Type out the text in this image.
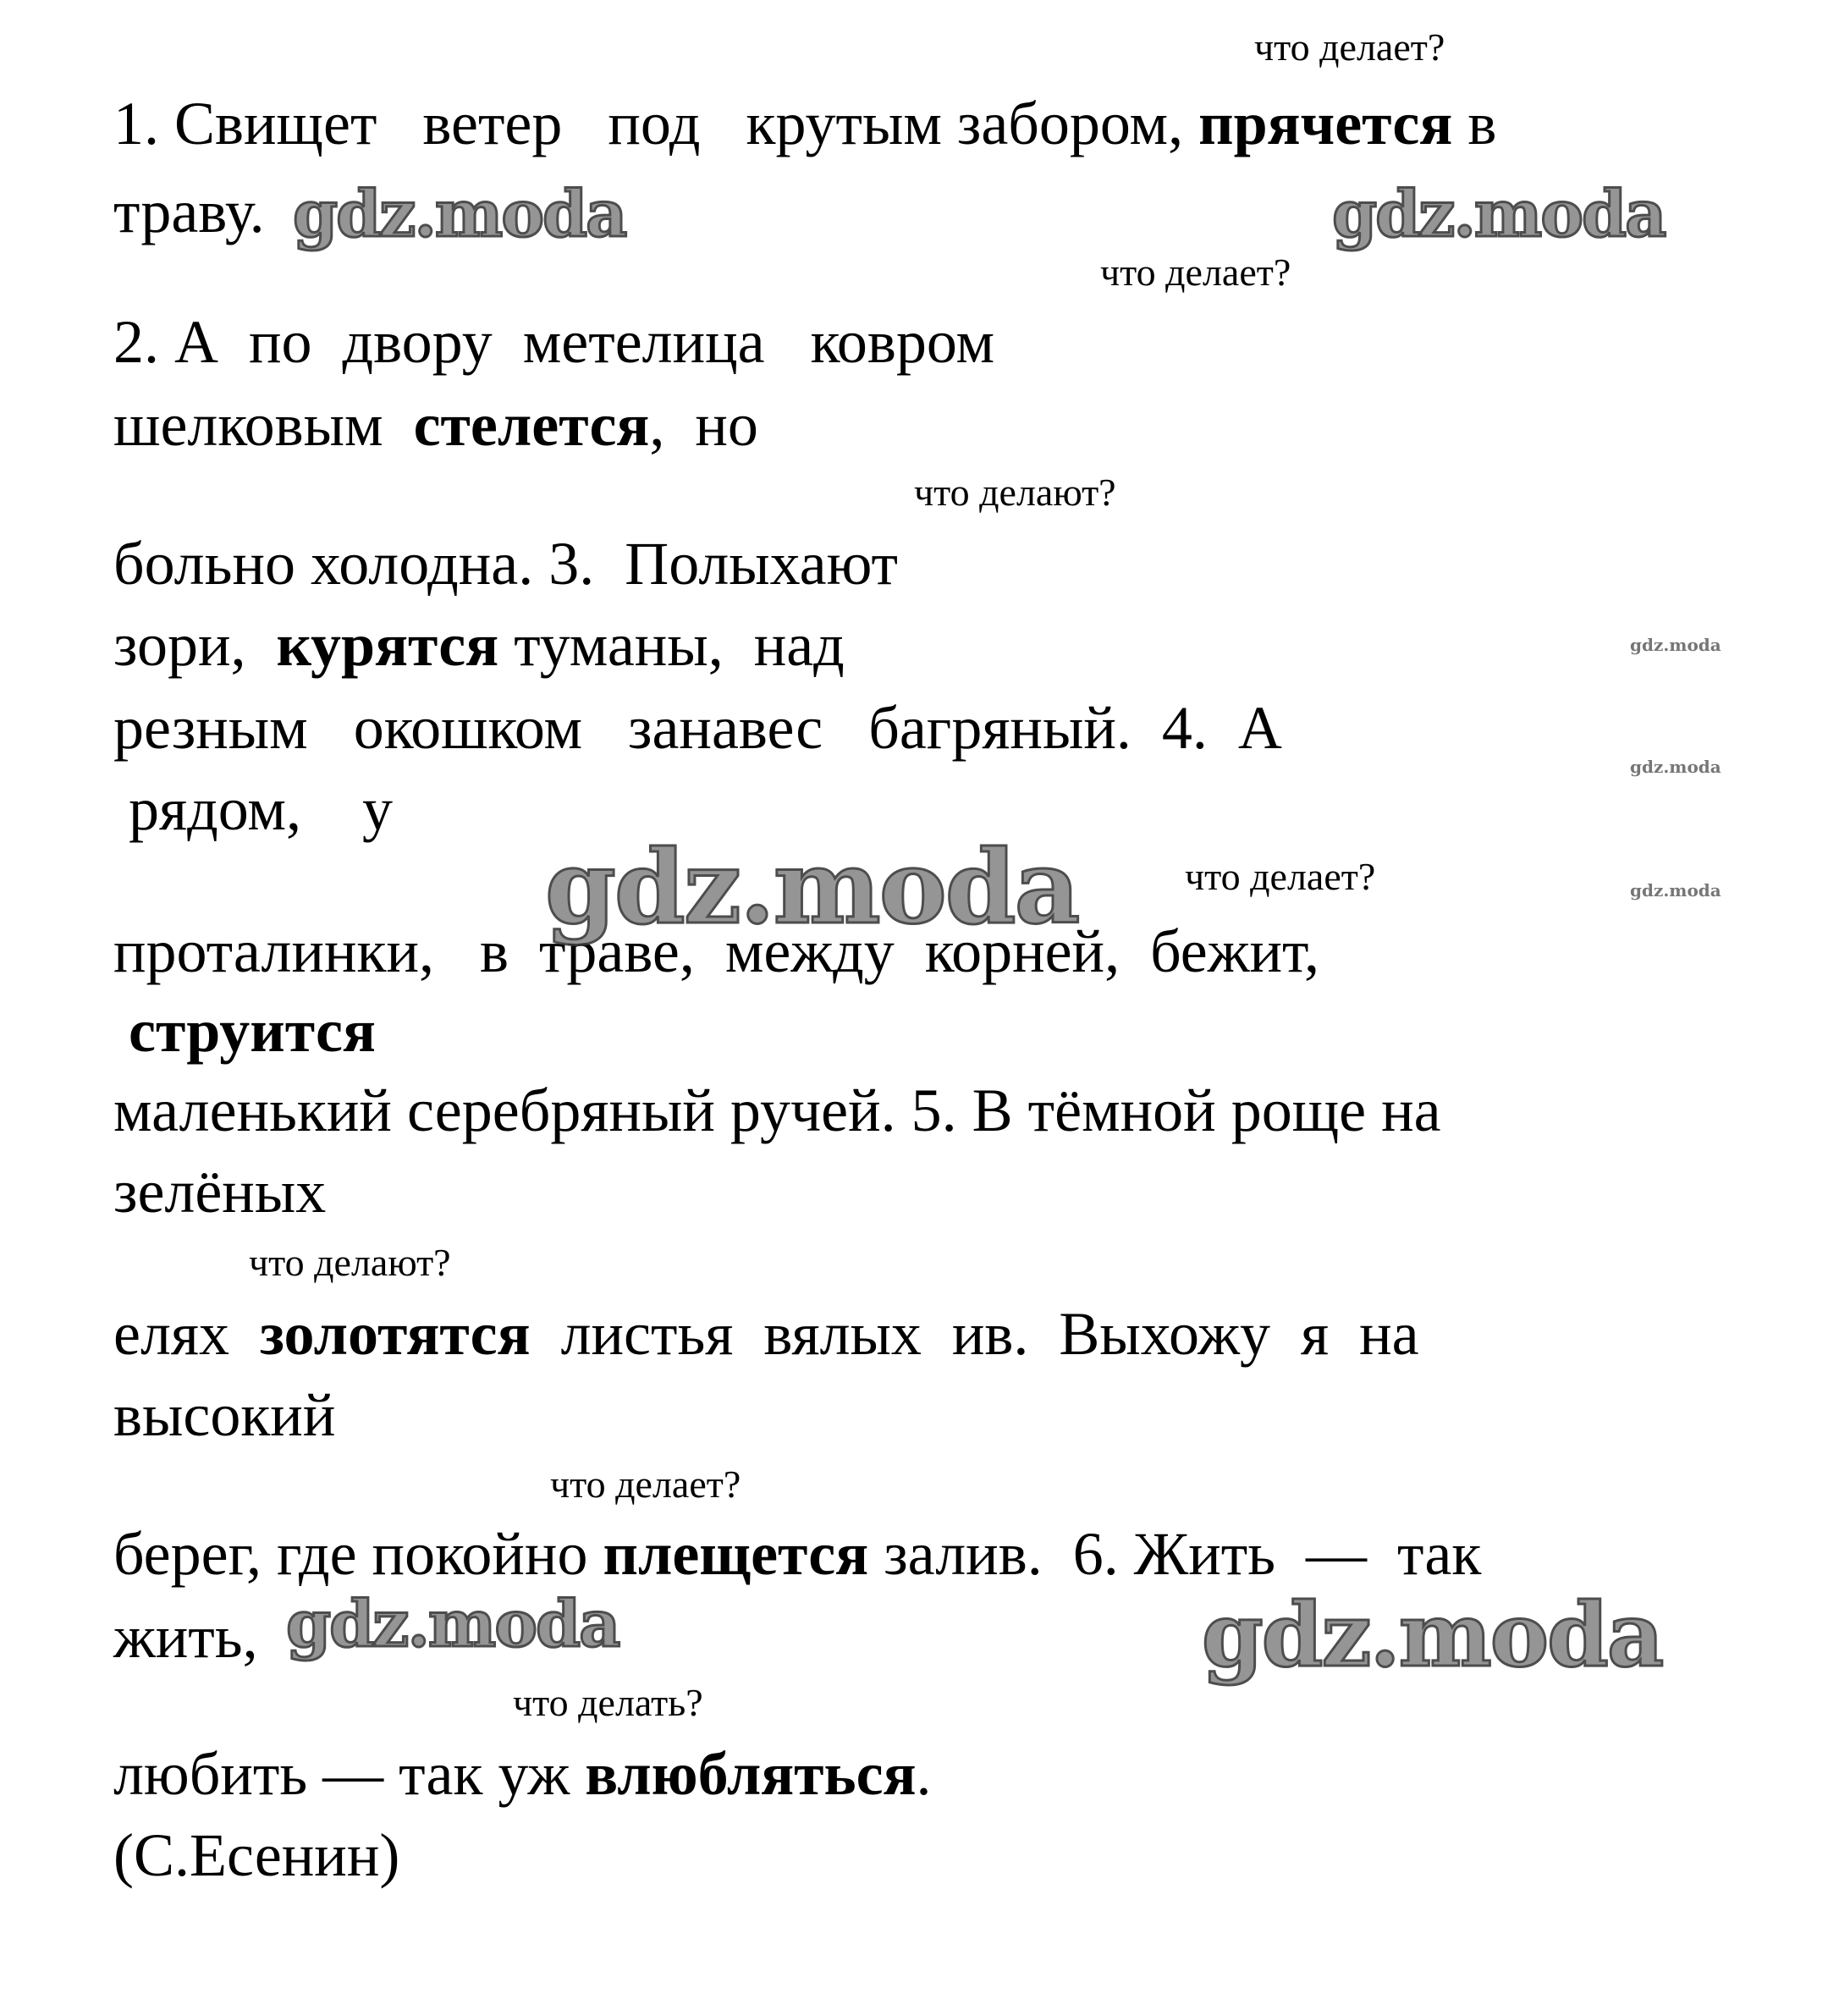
что делает?
что делает?
что делают?
что делает?
что делают?
что делает?
что делать?
1. Свищет   ветер   под   крутым забором, прячется в
траву.
2. А  по  двору  метелица   ковром
шелковым  стелется,  но
больно холодна. 3.  Полыхают
зори,  курятся туманы,  над
резным   окошком   занавес   багряный.  4.  А
рядом,    у
проталинки,   в  траве,  между  корней,  бежит,
струится
маленький серебряный ручей. 5. В тёмной роще на
зелёных
елях  золотятся  листья  вялых  ив.  Выхожу  я  на
высокий
берег, где покойно плещется залив.  6. Жить  —  так
жить,
любить — так уж влюбляться.
(С.Есенин)
gdz.moda	gdz.moda
gdz.moda
gdz.moda	gdz.moda
gdz.moda
gdz.moda
gdz.moda
